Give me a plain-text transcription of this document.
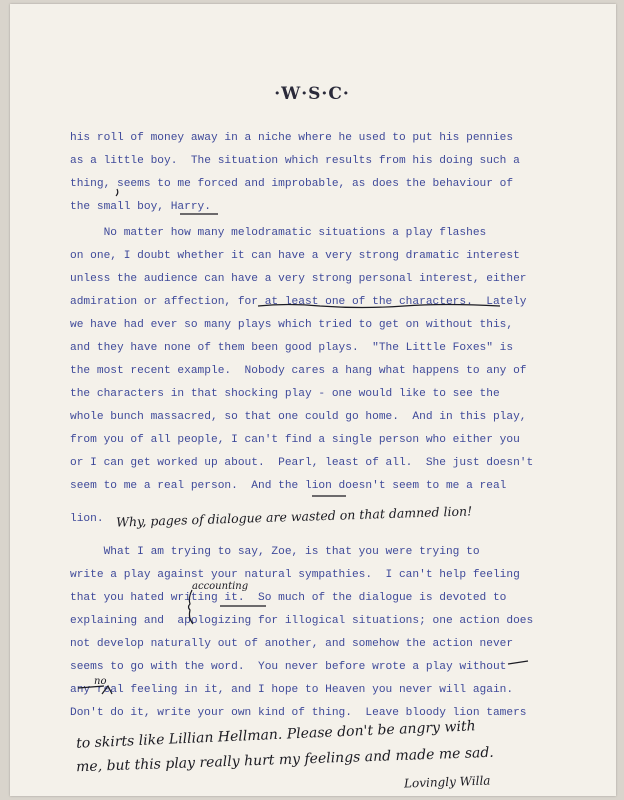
·W·S·C·
his roll of money away in a niche where he used to put his pennies
as a little boy.  The situation which results from his doing such a
thing, seems to me forced and improbable, as does the behaviour of
the small boy, Harry.
No matter how many melodramatic situations a play flashes
on one, I doubt whether it can have a very strong dramatic interest
unless the audience can have a very strong personal interest, either
admiration or affection, for at least one of the characters.  Lately
we have had ever so many plays which tried to get on without this,
and they have none of them been good plays.  "The Little Foxes" is
the most recent example.  Nobody cares a hang what happens to any of
the characters in that shocking play - one would like to see the
whole bunch massacred, so that one could go home.  And in this play,
from you of all people, I can't find a single person who either you
or I can get worked up about.  Pearl, least of all.  She just doesn't
seem to me a real person.  And the lion doesn't seem to me a real
lion.
What I am trying to say, Zoe, is that you were trying to
write a play against your natural sympathies.  I can't help feeling
that you hated writing it.  So much of the dialogue is devoted to
explaining and  apologizing for illogical situations; one action does
not develop naturally out of another, and somehow the action never
seems to go with the word.  You never before wrote a play without
any real feeling in it, and I hope to Heaven you never will again.
Don't do it, write your own kind of thing.  Leave bloody lion tamers
Why, pages of dialogue are wasted on that damned lion!
accounting
no
to skirts like Lillian Hellman. Please don't be angry with
me, but this play really hurt my feelings and made me sad.
Lovingly Willa
